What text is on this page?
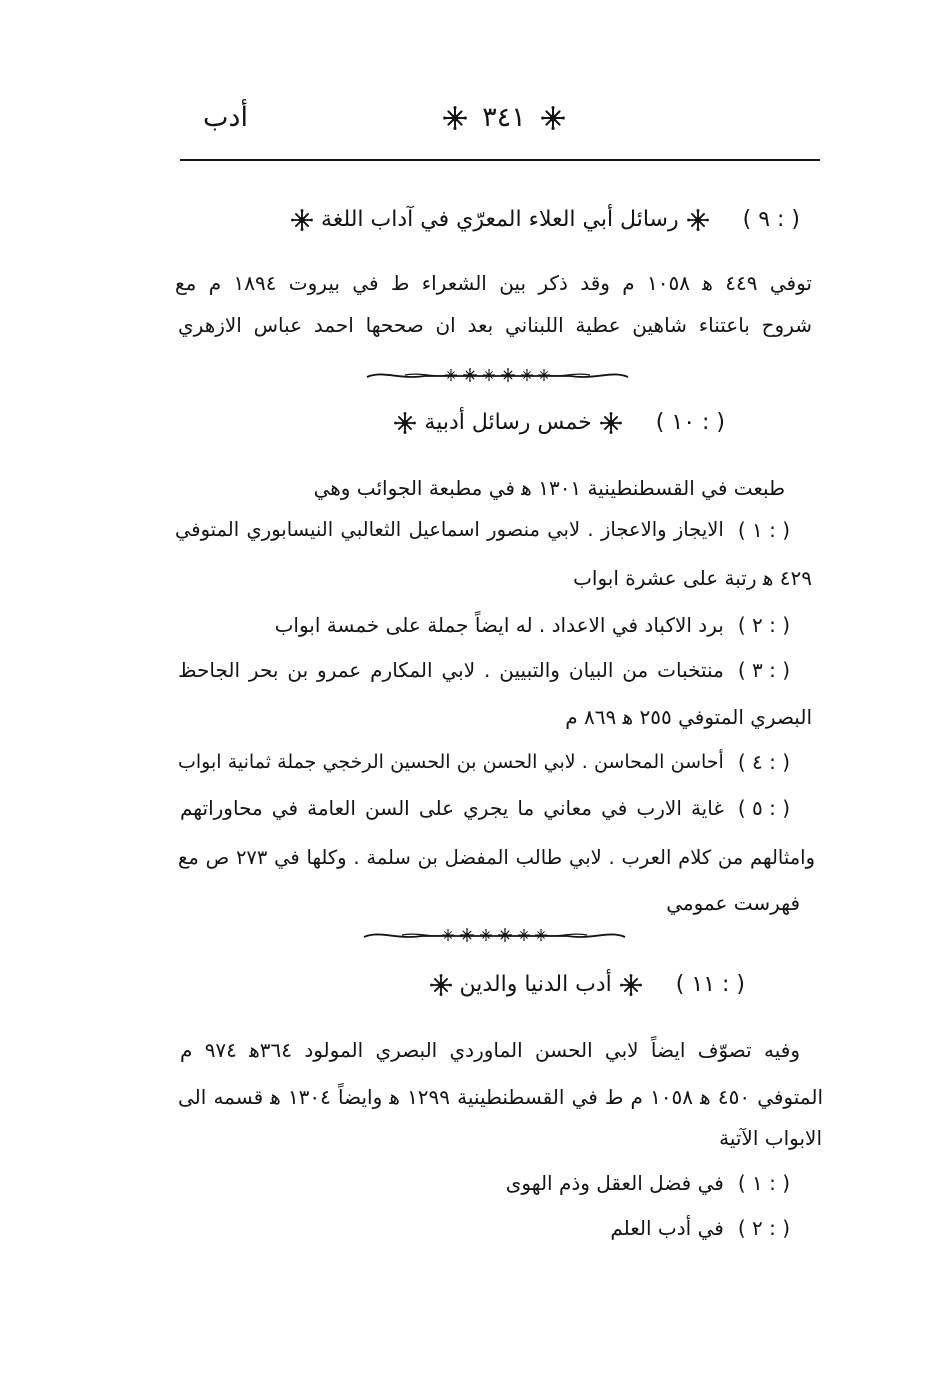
أدب	٣٤١
( ٩ : )
رسائل أبي العلاء المعرّي في آداب اللغة
توفي ٤٤٩ ﻫ ١٠٥٨ م وقد ذكر بين الشعراء ط في بيروت ١٨٩٤ م مع
شروح باعتناء شاهين عطية اللبناني بعد ان صححها احمد عباس الازهري
( ١٠ : )
خمس رسائل أدبية
طبعت في القسطنطينية ١٣٠١ ﻫ في مطبعة الجوائب وهي
( ١ : )
الايجاز والاعجاز . لابي منصور اسماعيل الثعالبي النيسابوري المتوفي
٤٢٩ ﻫ رتبة على عشرة ابواب
( ٢ : )
برد الاكباد في الاعداد . له ايضاً جملة على خمسة ابواب
( ٣ : )
منتخبات من البيان والتبيين . لابي المكارم عمرو بن بحر الجاحظ
البصري المتوفي ٢٥٥ ﻫ ٨٦٩ م
( ٤ : )
أحاسن المحاسن . لابي الحسن بن الحسين الرخجي جملة ثمانية ابواب
( ٥ : )
غاية الارب في معاني ما يجري على السن العامة في محاوراتهم
وامثالهم من كلام العرب . لابي طالب المفضل بن سلمة . وكلها في ٢٧٣ ص مع
فهرست عمومي
( ١١ : )
أدب الدنيا والدين
وفيه تصوّف ايضاً لابي الحسن الماوردي البصري المولود ٣٦٤ﻫ ٩٧٤ م
المتوفي ٤٥٠ ﻫ ١٠٥٨ م ط في القسطنطينية ١٢٩٩ ﻫ وايضاً ١٣٠٤ ﻫ قسمه الى
الابواب الآتية
( ١ : )
في فضل العقل وذم الهوى
( ٢ : )
في أدب العلم
